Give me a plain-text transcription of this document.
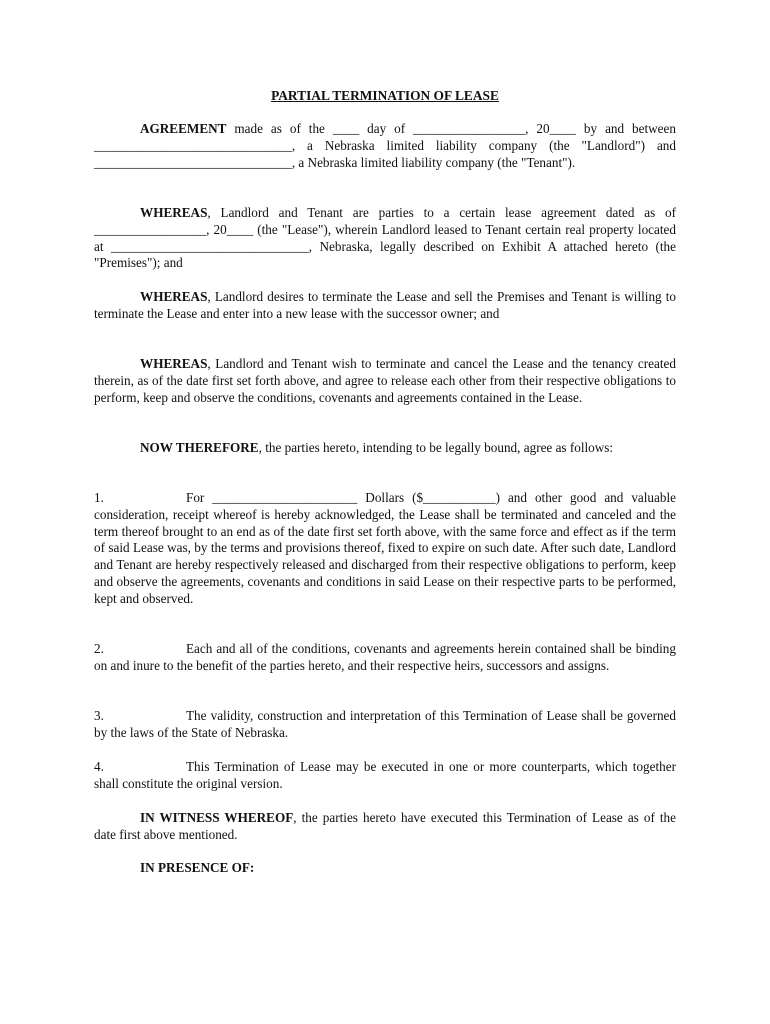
PARTIAL TERMINATION OF LEASE

AGREEMENT made as of the ____ day of _________________, 20____ by and between ______________________________, a Nebraska limited liability company (the "Landlord") and ______________________________, a Nebraska limited liability company (the "Tenant").

WHEREAS, Landlord and Tenant are parties to a certain lease agreement dated as of _________________, 20____ (the "Lease"), wherein Landlord leased to Tenant certain real property located at ______________________________, Nebraska, legally described on Exhibit A attached hereto (the "Premises"); and

WHEREAS, Landlord desires to terminate the Lease and sell the Premises and Tenant is willing to terminate the Lease and enter into a new lease with the successor owner; and

WHEREAS, Landlord and Tenant wish to terminate and cancel the Lease and the tenancy created therein, as of the date first set forth above, and agree to release each other from their respective obligations to perform, keep and observe the conditions, covenants and agreements contained in the Lease.

NOW THEREFORE, the parties hereto, intending to be legally bound, agree as follows:

1.	For ______________________ Dollars ($___________) and other good and valuable consideration, receipt whereof is hereby acknowledged, the Lease shall be terminated and canceled and the term thereof brought to an end as of the date first set forth above, with the same force and effect as if the term of said Lease was, by the terms and provisions thereof, fixed to expire on such date. After such date, Landlord and Tenant are hereby respectively released and discharged from their respective obligations to perform, keep and observe the agreements, covenants and conditions in said Lease on their respective parts to be performed, kept and observed.

2.	Each and all of the conditions, covenants and agreements herein contained shall be binding on and inure to the benefit of the parties hereto, and their respective heirs, successors and assigns.

3.	The validity, construction and interpretation of this Termination of Lease shall be governed by the laws of the State of Nebraska.

4.	This Termination of Lease may be executed in one or more counterparts, which together shall constitute the original version.

IN WITNESS WHEREOF, the parties hereto have executed this Termination of Lease as of the date first above mentioned.

IN PRESENCE OF:
